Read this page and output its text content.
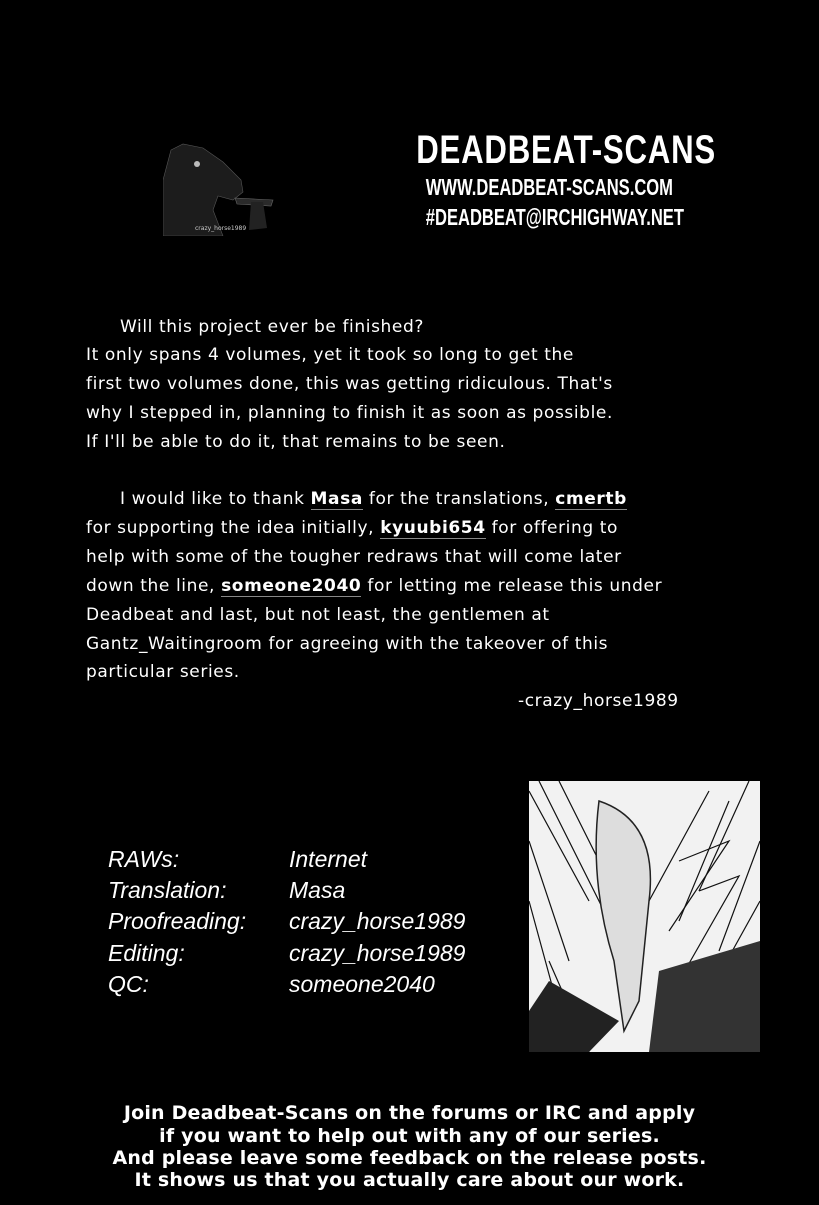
crazy_horse1989
DEADBEAT-SCANS
WWW.DEADBEAT-SCANS.COM
#DEADBEAT@IRCHIGHWAY.NET
Will this project ever be finished?
It only spans 4 volumes, yet it took so long to get the
first two volumes done, this was getting ridiculous. That's
why I stepped in, planning to finish it as soon as possible.
If I'll be able to do it, that remains to be seen.
I would like to thank Masa for the translations, cmertb
for supporting the idea initially, kyuubi654 for offering to
help with some of the tougher redraws that will come later
down the line, someone2040 for letting me release this under
Deadbeat and last, but not least, the gentlemen at
Gantz_Waitingroom for agreeing with the takeover of this
particular series.
-crazy_horse1989
RAWs:	Internet
Translation:	Masa
Proofreading: crazy_horse1989
Editing:	crazy_horse1989
QC:	someone2040
Join Deadbeat-Scans on the forums or IRC and apply
if you want to help out with any of our series.
And please leave some feedback on the release posts.
It shows us that you actually care about our work.
